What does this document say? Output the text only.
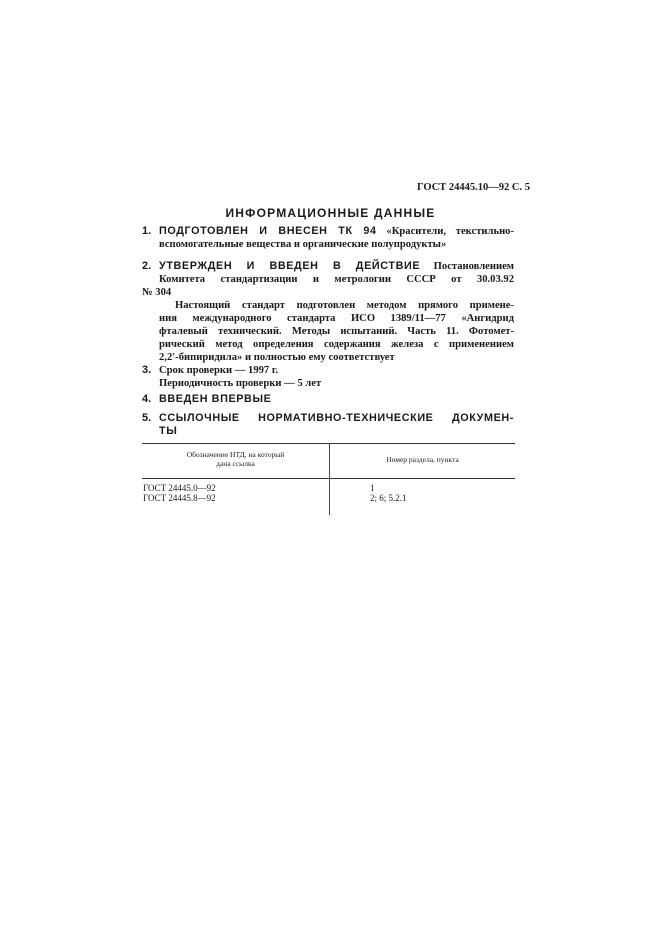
ГОСТ 24445.10—92 С. 5
ИНФОРМАЦИОННЫЕ ДАННЫЕ
1. ПОДГОТОВЛЕН И ВНЕСЕН ТК 94 «Красители, текстильно-
вспомогательные вещества и органические полупродукты»
2. УТВЕРЖДЕН И ВВЕДЕН В ДЕЙСТВИЕ Постановлением
Комитета стандартизации и метрологии СССР от 30.03.92
№ 304
Настоящий стандарт подготовлен методом прямого примене-
ния международного стандарта ИСО 1389/11—77 «Ангидрид
фталевый технический. Методы испытаний. Часть 11. Фотомет-
рический метод определения содержания железа с применением
2,2'-бипиридила» и полностью ему соответствует
3. Срок проверки — 1997 г.
Периодичность проверки — 5 лет
4. ВВЕДЕН ВПЕРВЫЕ
5. ССЫЛОЧНЫЕ НОРМАТИВНО-ТЕХНИЧЕСКИЕ ДОКУМЕН-
ТЫ
Обозначение НТД, на который
дана ссылка	Номер раздела, пункта
ГОСТ 24445.0—92	1
ГОСТ 24445.8—92	2; 6; 5.2.1
